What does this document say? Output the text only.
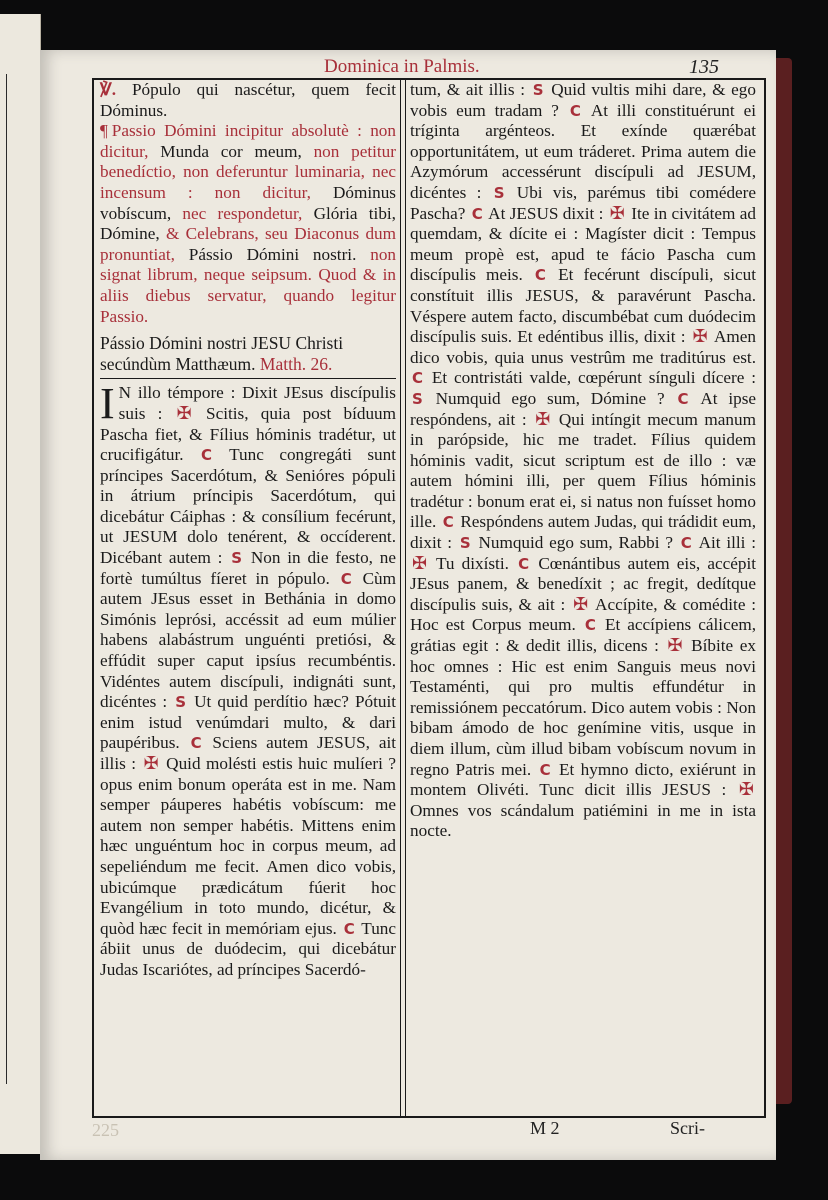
Dominica in Palmis.	135

℣. Pópulo qui nascétur, quem fecit Dóminus.

¶ Passio Dómini incipitur absolutè : non dicitur, Munda cor meum, non petitur benedíctio, non deferuntur luminaria, nec incensum : non dicitur, Dóminus vobíscum, nec respondetur, Glória tibi, Dómine, & Celebrans, seu Diaconus dum pronuntiat, Pássio Dómini nostri. non signat librum, neque seipsum. Quod & in aliis diebus servatur, quando legitur Passio.

Pássio Dómini nostri JESU Christi secúndùm Matthæum. Matth. 26.

I N illo témpore : Dixit JEsus discípulis suis : ✠ Scitis, quia post bíduum Pascha fiet, & Fílius hóminis tradétur, ut crucifigátur. C Tunc congregáti sunt príncipes Sacerdótum, & Senióres pópuli in átrium príncipis Sacerdótum, qui dicebátur Cáiphas : & consílium fecérunt, ut JESUM dolo tenérent, & occíderent. Dicébant autem : S Non in die festo, ne fortè tumúltus fíeret in pópulo. C Cùm autem JEsus esset in Bethánia in domo Simónis leprósi, accéssit ad eum múlier habens alabástrum unguénti pretiósi, & effúdit super caput ipsíus recumbéntis. Vidéntes autem discípuli, indignáti sunt, dicéntes : S Ut quid perdítio hæc? Pótuit enim istud venúmdari multo, & dari paupéribus. C Sciens autem JESUS, ait illis : ✠ Quid molésti estis huic mulíeri ? opus enim bonum operáta est in me. Nam semper páuperes habétis vobíscum: me autem non semper habétis. Mittens enim hæc unguéntum hoc in corpus meum, ad sepeliéndum me fecit. Amen dico vobis, ubicúmque prædicátum fúerit hoc Evangélium in toto mundo, dicétur, & quòd hæc fecit in memóriam ejus. C Tunc ábiit unus de duódecim, qui dicebátur Judas Iscariótes, ad príncipes Sacerdó-

tum, & ait illis : S Quid vultis mihi dare, & ego vobis eum tradam ? C At illi constituérunt ei tríginta argénteos. Et exínde quærébat opportunitátem, ut eum tráderet. Prima autem die Azymórum accessérunt discípuli ad JESUM, dicéntes : S Ubi vis, parémus tibi comédere Pascha? C At JESUS dixit : ✠ Ite in civitátem ad quemdam, & dícite ei : Magíster dicit : Tempus meum propè est, apud te fácio Pascha cum discípulis meis. C Et fecérunt discípuli, sicut constítuit illis JESUS, & paravérunt Pascha. Véspere autem facto, discumbébat cum duódecim discípulis suis. Et edéntibus illis, dixit : ✠ Amen dico vobis, quia unus vestrûm me traditúrus est. C Et contristáti valde, cœpérunt sínguli dícere : S Numquid ego sum, Dómine ? C At ipse respóndens, ait : ✠ Qui intíngit mecum manum in parópside, hic me tradet. Fílius quidem hóminis vadit, sicut scriptum est de illo : væ autem hómini illi, per quem Fílius hóminis tradétur : bonum erat ei, si natus non fuísset homo ille. C Respóndens autem Judas, qui trádidit eum, dixit : S Numquid ego sum, Rabbi ? C Ait illi : ✠ Tu dixísti. C Cœnántibus autem eis, accépit JEsus panem, & benedíxit ; ac fregit, dedítque discípulis suis, & ait : ✠ Accípite, & comédite : Hoc est Corpus meum. C Et accípiens cálicem, grátias egit : & dedit illis, dicens : ✠ Bíbite ex hoc omnes : Hic est enim Sanguis meus novi Testaménti, qui pro multis effundétur in remissiónem peccatórum. Dico autem vobis : Non bibam ámodo de hoc genímine vitis, usque in diem illum, cùm illud bibam vobíscum novum in regno Patris mei. C Et hymno dicto, exiérunt in montem Olivéti. Tunc dicit illis JESUS : ✠ Omnes vos scándalum patiémini in me in ista nocte.

225	M 2	Scri-
